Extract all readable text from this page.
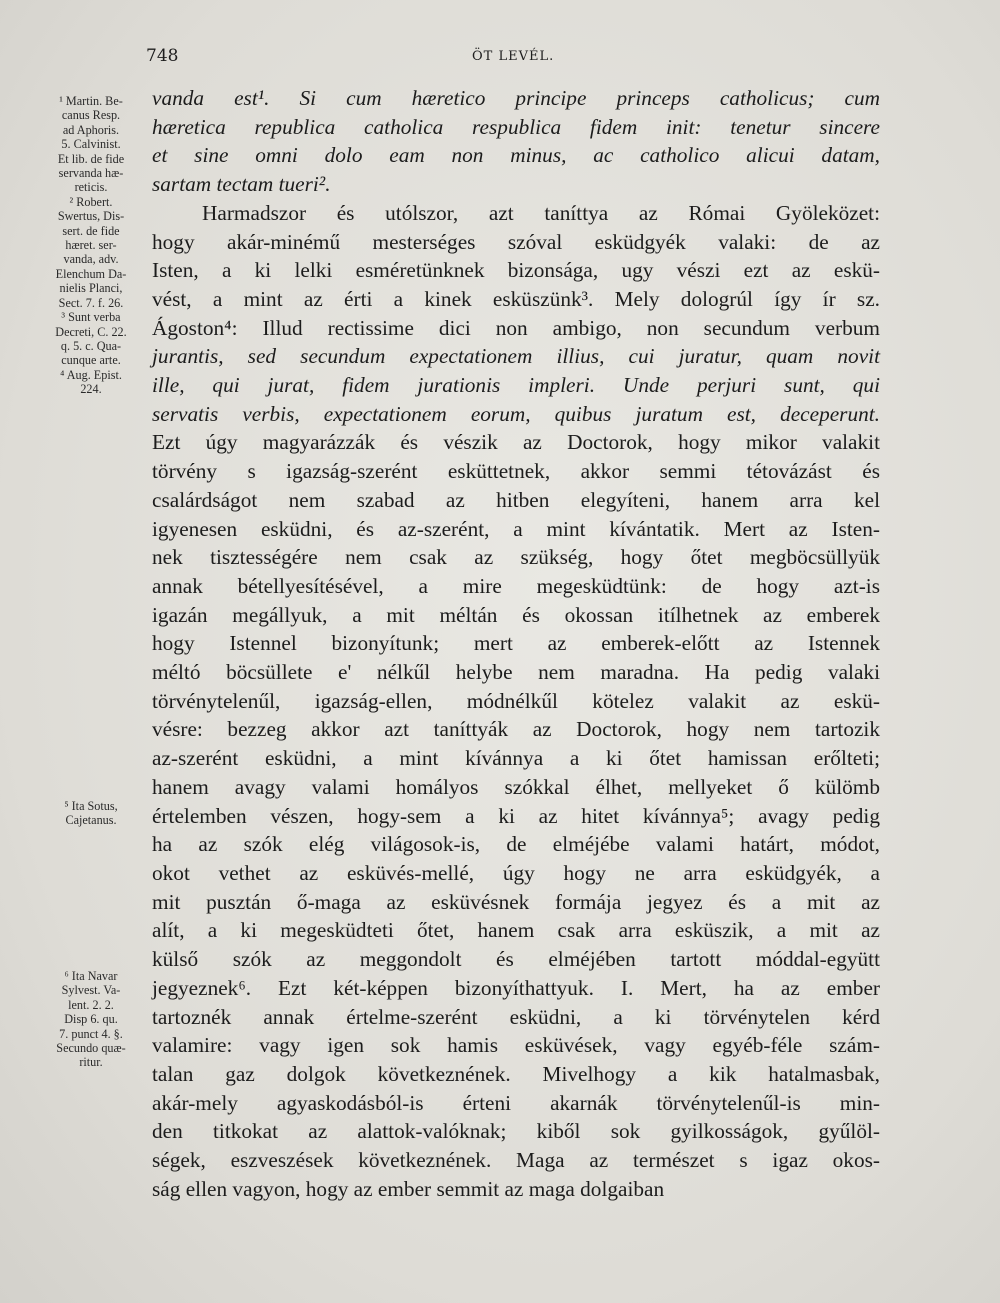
748	ÖT LEVÉL.

¹ Martin. Be-
canus Resp.
ad Aphoris.
5. Calvinist.
Et lib. de fide
servanda hæ-
reticis.

² Robert.
Swertus, Dis-
sert. de fide
hæret. ser-
vanda, adv.
Elenchum Da-
nielis Planci,
Sect. 7. f. 26.

³ Sunt verba
Decreti, C. 22.
q. 5. c. Qua-
cunque arte.

⁴ Aug. Epist.
224.

⁵ Ita Sotus,
Cajetanus.

⁶ Ita Navar
Sylvest. Va-
lent. 2. 2.
Disp 6. qu.
7. punct 4. §.
Secundo quæ-
ritur.

vanda est¹. Si cum hæretico principe princeps catholicus; cum
hæretica republica catholica respublica fidem init: tenetur sincere
et sine omni dolo eam non minus, ac catholico alicui datam,
sartam tectam tueri².
Harmadszor és utólszor, azt taníttya az Római Gyöleközet:
hogy akár-minémű mesterséges szóval esküdgyék valaki: de az
Isten, a ki lelki esméretünknek bizonsága, ugy vészi ezt az eskü-
vést, a mint az érti a kinek esküszünk³. Mely dologrúl így ír sz.
Ágoston⁴: Illud rectissime dici non ambigo, non secundum verbum
jurantis, sed secundum expectationem illius, cui juratur, quam novit
ille, qui jurat, fidem jurationis impleri. Unde perjuri sunt, qui
servatis verbis, expectationem eorum, quibus juratum est, deceperunt.
Ezt úgy magyarázzák és vészik az Doctorok, hogy mikor valakit
törvény s igazság-szerént esküttetnek, akkor semmi tétovázást és
csalárdságot nem szabad az hitben elegyíteni, hanem arra kel
igyenesen esküdni, és az-szerént, a mint kívántatik. Mert az Isten-
nek tisztességére nem csak az szükség, hogy őtet megböcsüllyük
annak bétellyesítésével, a mire megesküdtünk: de hogy azt-is
igazán megállyuk, a mit méltán és okossan itílhetnek az emberek
hogy Istennel bizonyítunk; mert az emberek-előtt az Istennek
méltó böcsüllete e' nélkűl helybe nem maradna. Ha pedig valaki
törvénytelenűl, igazság-ellen, módnélkűl kötelez valakit az eskü-
vésre: bezzeg akkor azt taníttyák az Doctorok, hogy nem tartozik
az-szerént esküdni, a mint kívánnya a ki őtet hamissan erőlteti;
hanem avagy valami homályos szókkal élhet, mellyeket ő külömb
értelemben vészen, hogy-sem a ki az hitet kívánnya⁵; avagy pedig
ha az szók elég világosok-is, de elméjébe valami határt, módot,
okot vethet az esküvés-mellé, úgy hogy ne arra esküdgyék, a
mit pusztán ő-maga az esküvésnek formája jegyez és a mit az
alít, a ki megesküdteti őtet, hanem csak arra esküszik, a mit az
külső szók az meggondolt és elméjében tartott móddal-együtt
jegyeznek⁶. Ezt két-képpen bizonyíthattyuk. I. Mert, ha az ember
tartoznék annak értelme-szerént esküdni, a ki törvénytelen kérd
valamire: vagy igen sok hamis esküvések, vagy egyéb-féle szám-
talan gaz dolgok következnének. Mivelhogy a kik hatalmasbak,
akár-mely agyaskodásból-is érteni akarnák törvénytelenűl-is min-
den titkokat az alattok-valóknak; kiből sok gyilkosságok, gyűlöl-
ségek, eszveszések következnének. Maga az természet s igaz okos-
ság ellen vagyon, hogy az ember semmit az maga dolgaiban
